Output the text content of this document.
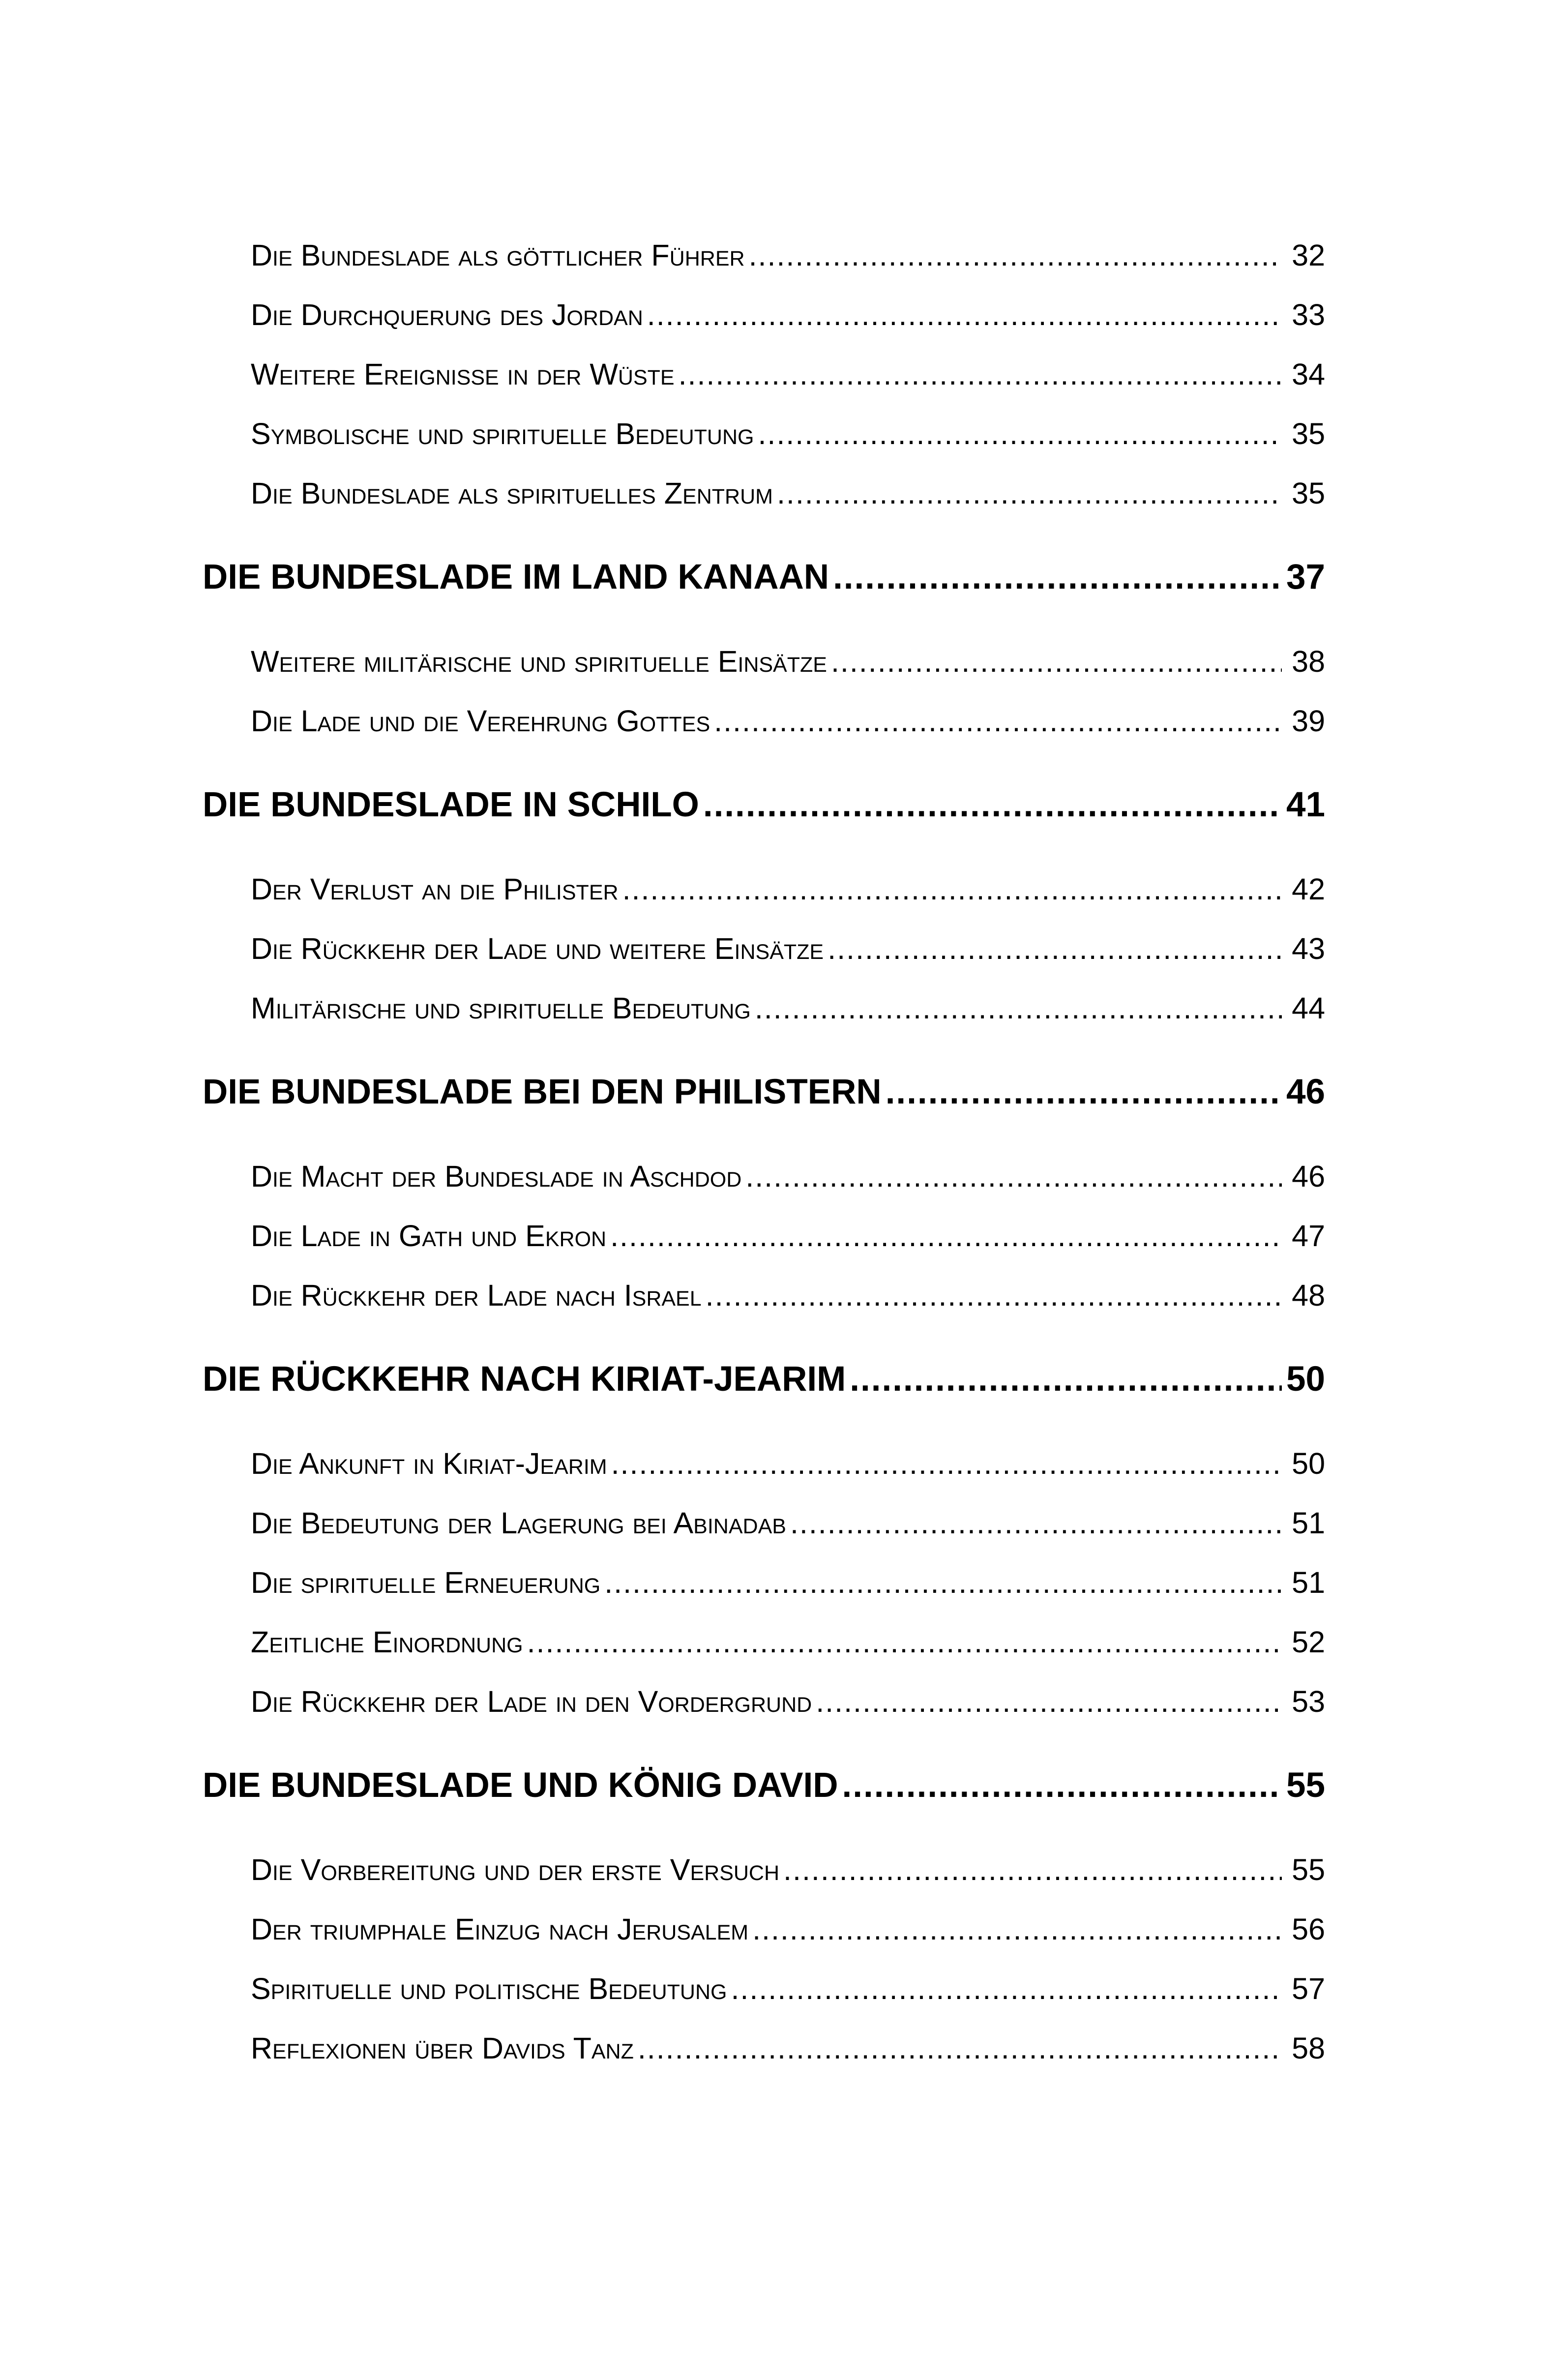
Die Bundeslade als göttlicher Führer .....	32
Die Durchquerung des Jordan .....	33
Weitere Ereignisse in der Wüste .....	34
Symbolische und spirituelle Bedeutung .....	35
Die Bundeslade als spirituelles Zentrum .....	35
DIE BUNDESLADE IM LAND KANAAN .....	37
Weitere militärische und spirituelle Einsätze .....	38
Die Lade und die Verehrung Gottes .....	39
DIE BUNDESLADE IN SCHILO .....	41
Der Verlust an die Philister .....	42
Die Rückkehr der Lade und weitere Einsätze .....	43
Militärische und spirituelle Bedeutung .....	44
DIE BUNDESLADE BEI DEN PHILISTERN .....	46
Die Macht der Bundeslade in Aschdod .....	46
Die Lade in Gath und Ekron .....	47
Die Rückkehr der Lade nach Israel .....	48
DIE RÜCKKEHR NACH KIRIAT-JEARIM .....	50
Die Ankunft in Kiriat-Jearim .....	50
Die Bedeutung der Lagerung bei Abinadab .....	51
Die spirituelle Erneuerung .....	51
Zeitliche Einordnung .....	52
Die Rückkehr der Lade in den Vordergrund .....	53
DIE BUNDESLADE UND KÖNIG DAVID .....	55
Die Vorbereitung und der erste Versuch .....	55
Der triumphale Einzug nach Jerusalem .....	56
Spirituelle und politische Bedeutung .....	57
Reflexionen über Davids Tanz .....	58
